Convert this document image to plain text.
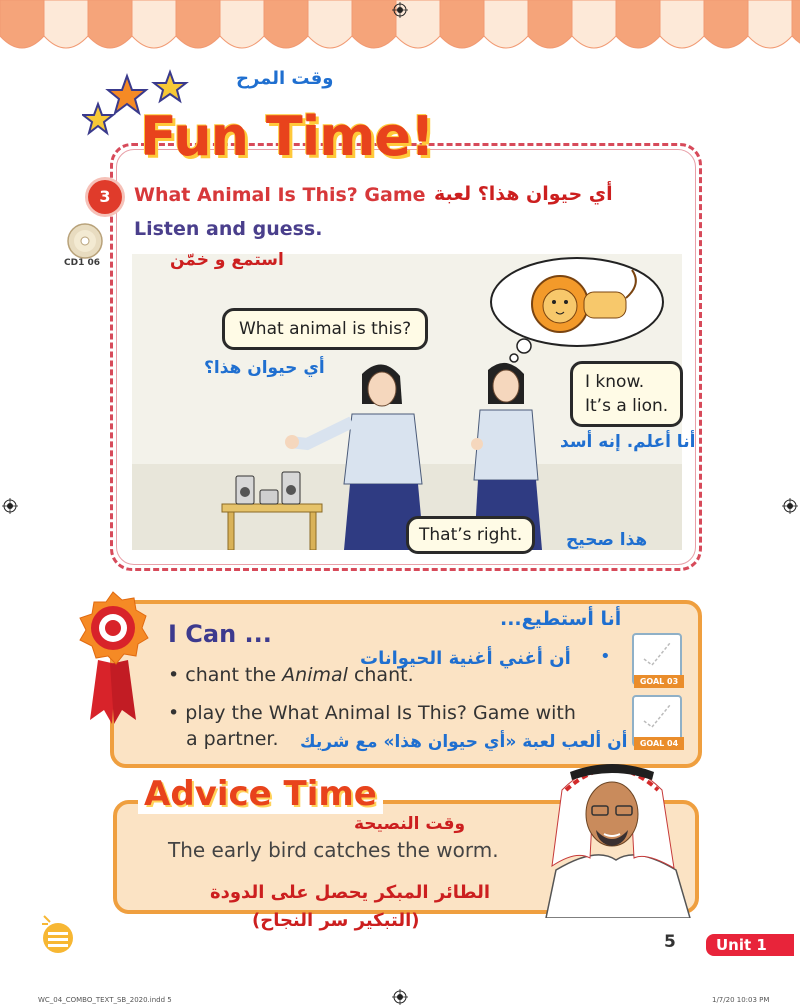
وقت المرح
Fun Time!
3	What Animal Is This? Game أي حيوان هذا؟ لعبة
Listen and guess.
CD1 06
What animal is this?
I know.
It’s a lion.
That’s right.
أي حيوان هذا؟
أنا أعلم. إنه أسد
هذا صحيح
استمع و خمّن
I Can ...
أنا أستطيع...
• chant the Animal chant.
أن أغني أغنية الحيوانات •
• play the What Animal Is This? Game with
a partner. أن ألعب لعبة «أي حيوان هذا» مع شريك
GOAL 03
GOAL 04
Advice Time
وقت النصيحة
The early bird catches the worm.
الطائر المبكر يحصل على الدودة
(التبكير سر النجاح)
5	Unit 1
WC_04_COMBO_TEXT_SB_2020.indd 5	1/7/20 10:03 PM
